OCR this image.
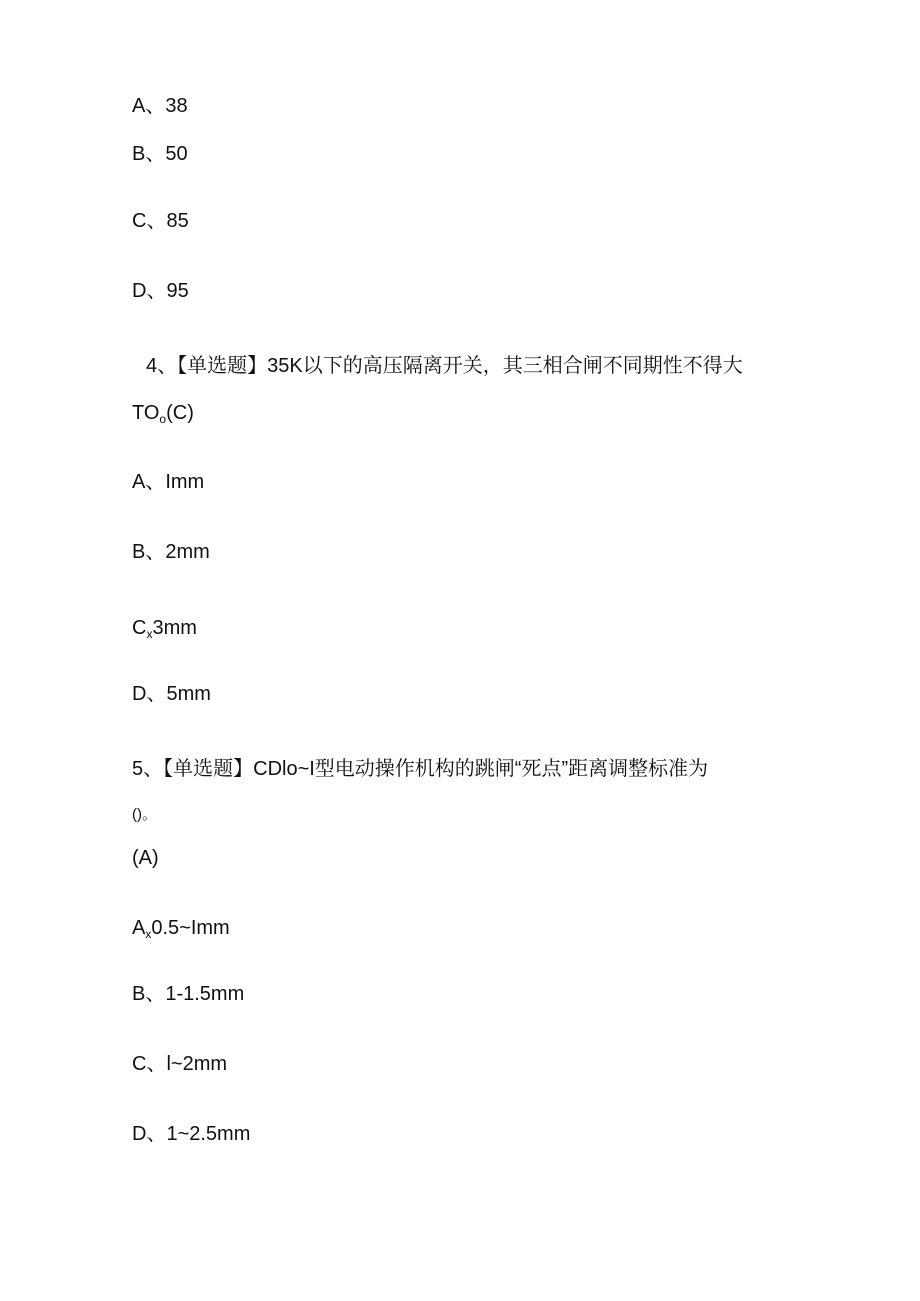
A、38
B、50
C、85
D、95
4、【单选题】35K以下的高压隔离开关，其三相合闸不同期性不得大
$TO_o(C)$
A、Imm
B、2mm
$C_x3mm$
D、5mm
5、【单选题】CDlo~I型电动操作机构的跳闸“死点”距离调整标准为
()。
(A)
$A_x0.5\sim Imm$
B、1-1.5mm
C、l~2mm
D、1~2.5mm
